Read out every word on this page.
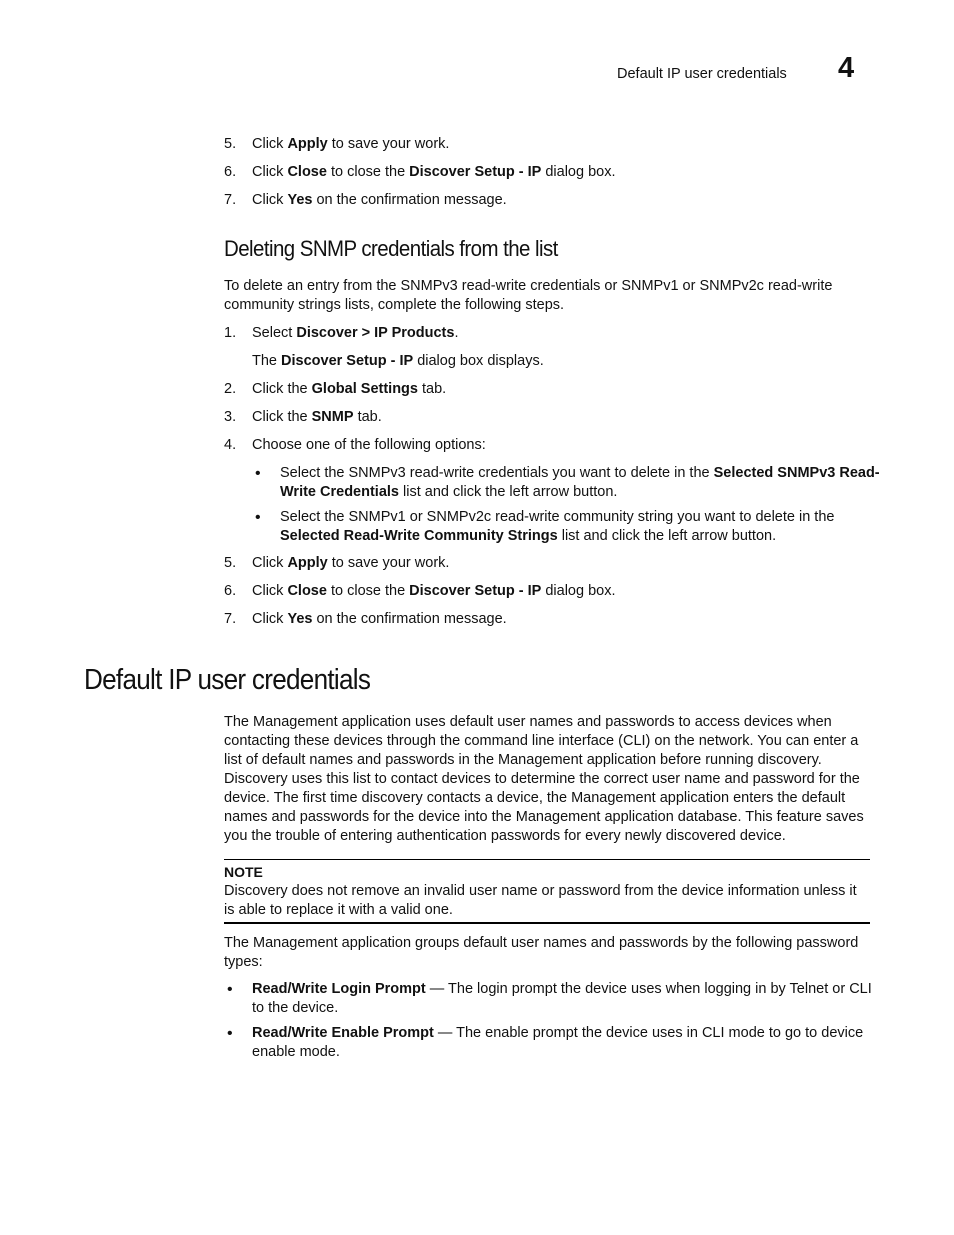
Default IP user credentials 4

5. Click Apply to save your work.

6. Click Close to close the Discover Setup - IP dialog box.

7. Click Yes on the confirmation message.

Deleting SNMP credentials from the list

To delete an entry from the SNMPv3 read-write credentials or SNMPv1 or SNMPv2c read-write community strings lists, complete the following steps.

1. Select Discover > IP Products.

The Discover Setup - IP dialog box displays.

2. Click the Global Settings tab.

3. Click the SNMP tab.

4. Choose one of the following options:

• Select the SNMPv3 read-write credentials you want to delete in the Selected SNMPv3 Read-Write Credentials list and click the left arrow button.

• Select the SNMPv1 or SNMPv2c read-write community string you want to delete in the Selected Read-Write Community Strings list and click the left arrow button.

5. Click Apply to save your work.

6. Click Close to close the Discover Setup - IP dialog box.

7. Click Yes on the confirmation message.

Default IP user credentials

The Management application uses default user names and passwords to access devices when contacting these devices through the command line interface (CLI) on the network. You can enter a list of default names and passwords in the Management application before running discovery. Discovery uses this list to contact devices to determine the correct user name and password for the device. The first time discovery contacts a device, the Management application enters the default names and passwords for the device into the Management application database. This feature saves you the trouble of entering authentication passwords for every newly discovered device.

NOTE
Discovery does not remove an invalid user name or password from the device information unless it is able to replace it with a valid one.

The Management application groups default user names and passwords by the following password types:

• Read/Write Login Prompt — The login prompt the device uses when logging in by Telnet or CLI to the device.

• Read/Write Enable Prompt — The enable prompt the device uses in CLI mode to go to device enable mode.
